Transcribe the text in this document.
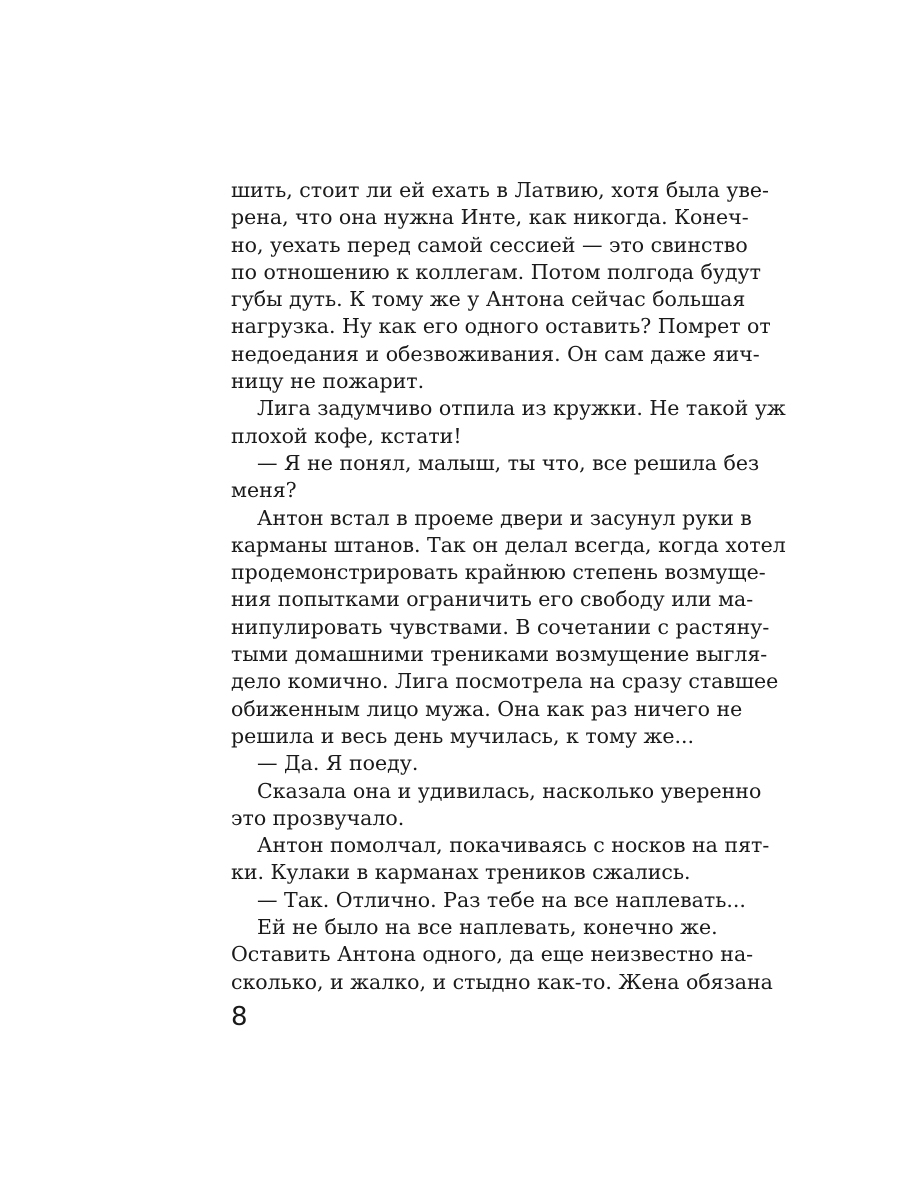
шить, стоит ли ей ехать в Латвию, хотя была уве-

рена, что она нужна Инте, как никогда. Конеч-

но, уехать перед самой сессией — это свинство

по отношению к коллегам. Потом полгода будут

губы дуть. К тому же у Антона сейчас большая

нагрузка. Ну как его одного оставить? Помрет от

недоедания и обезвоживания. Он сам даже яич-

ницу не пожарит.

Лига задумчиво отпила из кружки. Не такой уж

плохой кофе, кстати!

— Я не понял, малыш, ты что, все решила без

меня?

Антон встал в проеме двери и засунул руки в

карманы штанов. Так он делал всегда, когда хотел

продемонстрировать крайнюю степень возмуще-

ния попытками ограничить его свободу или ма-

нипулировать чувствами. В сочетании с растяну-

тыми домашними трениками возмущение выгля-

дело комично. Лига посмотрела на сразу ставшее

обиженным лицо мужа. Она как раз ничего не

решила и весь день мучилась, к тому же...

— Да. Я поеду.

Сказала она и удивилась, насколько уверенно

это прозвучало.

Антон помолчал, покачиваясь с носков на пят-

ки. Кулаки в карманах треников сжались.

— Так. Отлично. Раз тебе на все наплевать...

Ей не было на все наплевать, конечно же.

Оставить Антона одного, да еще неизвестно на-

сколько, и жалко, и стыдно как-то. Жена обязана

8
